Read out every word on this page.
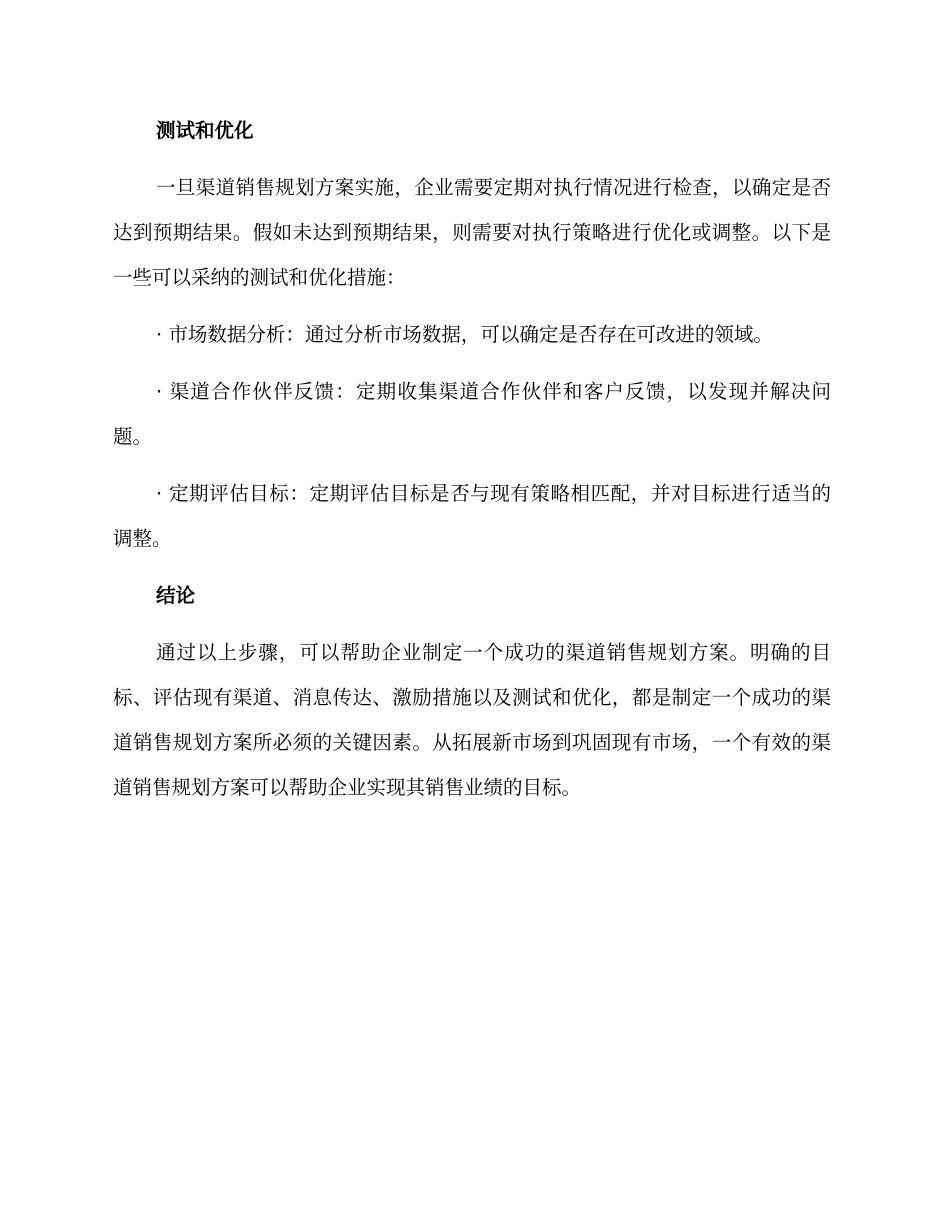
测试和优化

一旦渠道销售规划方案实施，企业需要定期对执行情况进行检查，以确定是否达到预期结果。假如未达到预期结果，则需要对执行策略进行优化或调整。以下是一些可以采纳的测试和优化措施：

· 市场数据分析：通过分析市场数据，可以确定是否存在可改进的领域。

· 渠道合作伙伴反馈：定期收集渠道合作伙伴和客户反馈，以发现并解决问题。

· 定期评估目标：定期评估目标是否与现有策略相匹配，并对目标进行适当的调整。

结论

通过以上步骤，可以帮助企业制定一个成功的渠道销售规划方案。明确的目标、评估现有渠道、消息传达、激励措施以及测试和优化，都是制定一个成功的渠道销售规划方案所必须的关键因素。从拓展新市场到巩固现有市场，一个有效的渠道销售规划方案可以帮助企业实现其销售业绩的目标。
